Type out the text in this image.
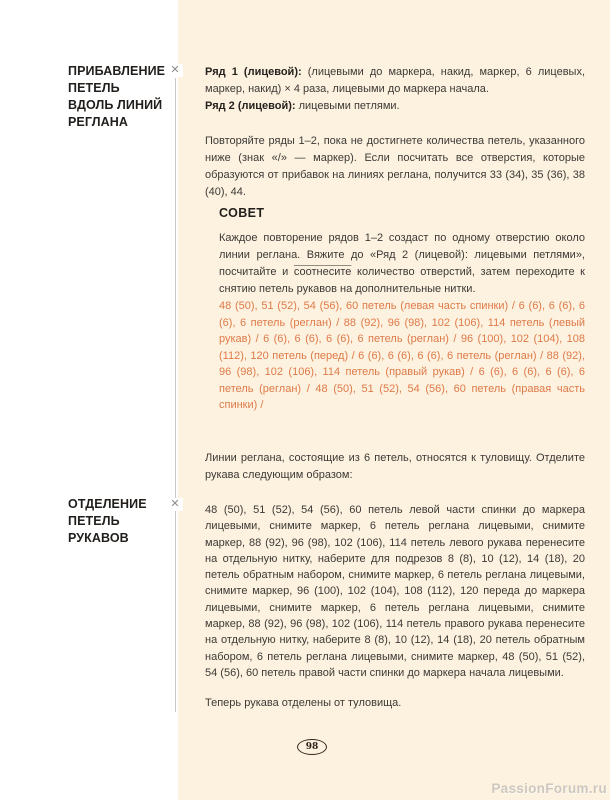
Ряд 1 (лицевой): (лицевыми до маркера, накид, маркер, 6 лицевых, маркер, накид) × 4 раза, лицевыми до маркера начала.

Ряд 2 (лицевой): лицевыми петлями.

Повторяйте ряды 1–2, пока не достигнете количества петель, указанного ниже (знак «/» — маркер). Если посчитать все отверстия, которые образуются от прибавок на линиях реглана, получится 33 (34), 35 (36), 38 (40), 44.

СОВЕТ

Каждое повторение рядов 1–2 создаст по одному отверстию около линии реглана. Вяжите до «Ряд 2 (лицевой): лицевыми петлями», посчитайте и соотнесите количество отверстий, затем переходите к снятию петель рукавов на дополнительные нитки.

48 (50), 51 (52), 54 (56), 60 петель (левая часть спинки) / 6 (6), 6 (6), 6 (6), 6 петель (реглан) / 88 (92), 96 (98), 102 (106), 114 петель (левый рукав) / 6 (6), 6 (6), 6 (6), 6 петель (реглан) / 96 (100), 102 (104), 108 (112), 120 петель (перед) / 6 (6), 6 (6), 6 (6), 6 петель (реглан) / 88 (92), 96 (98), 102 (106), 114 петель (правый рукав) / 6 (6), 6 (6), 6 (6), 6 петель (реглан) / 48 (50), 51 (52), 54 (56), 60 петель (правая часть спинки) /

Линии реглана, состоящие из 6 петель, относятся к туловищу. Отделите рукава следующим образом:

48 (50), 51 (52), 54 (56), 60 петель левой части спинки до маркера лицевыми, снимите маркер, 6 петель реглана лицевыми, снимите маркер, 88 (92), 96 (98), 102 (106), 114 петель левого рукава перенесите на отдельную нитку, наберите для подрезов 8 (8), 10 (12), 14 (18), 20 петель обратным набором, снимите маркер, 6 петель реглана лицевыми, снимите маркер, 96 (100), 102 (104), 108 (112), 120 переда до маркера лицевыми, снимите маркер, 6 петель реглана лицевыми, снимите маркер, 88 (92), 96 (98), 102 (106), 114 петель правого рукава перенесите на отдельную нитку, наберите 8 (8), 10 (12), 14 (18), 20 петель обратным набором, 6 петель реглана лицевыми, снимите маркер, 48 (50), 51 (52), 54 (56), 60 петель правой части спинки до маркера начала лицевыми.

Теперь рукава отделены от туловища.

98
PassionForum.ru
✕
✕
ПРИБАВЛЕНИЕ
ПЕТЕЛЬ
ВДОЛЬ ЛИНИЙ
РЕГЛАНА
ОТДЕЛЕНИЕ
ПЕТЕЛЬ
РУКАВОВ
